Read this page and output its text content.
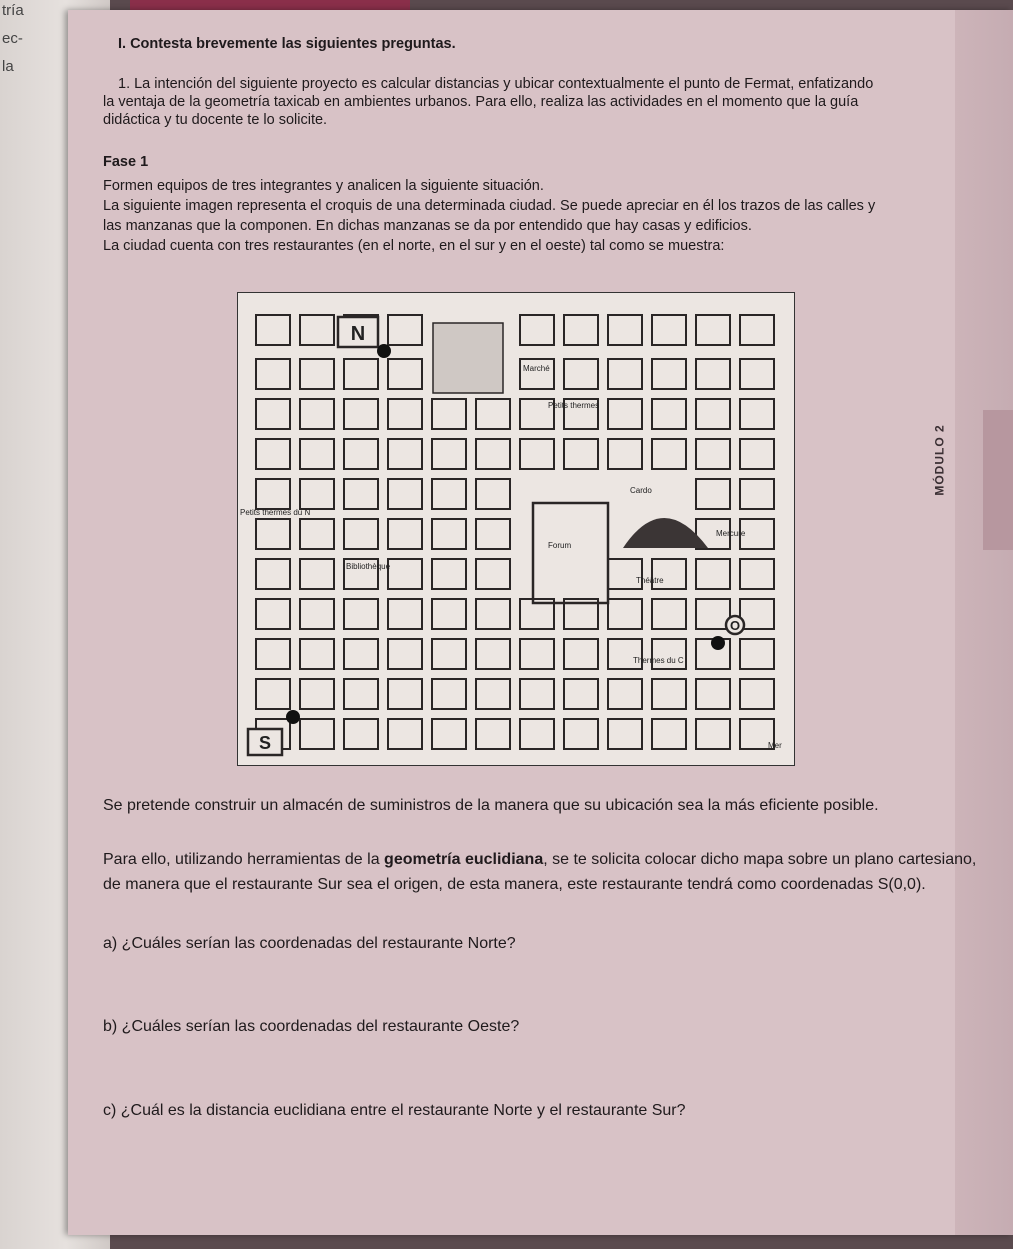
tría
ec-
la
MÓDULO 2
I. Contesta brevemente las siguientes preguntas.
1. La intención del siguiente proyecto es calcular distancias y ubicar contextualmente el punto de Fermat, enfatizando
la ventaja de la geometría taxicab en ambientes urbanos. Para ello, realiza las actividades en el momento que la guía
didáctica y tu docente te lo solicite.
Fase 1
Formen equipos de tres integrantes y analicen la siguiente situación.
La siguiente imagen representa el croquis de una determinada ciudad. Se puede apreciar en él los trazos de las calles y
las manzanas que la componen. En dichas manzanas se da por entendido que hay casas y edificios.
La ciudad cuenta con tres restaurantes (en el norte, en el sur y en el oeste) tal como se muestra:
N
S
O
Marché
Petits thermes
Petits thermes du N
Forum
Cardo
Bibliothèque
Théâtre
Mercure
Thermes du C
Mer
Se pretende construir un almacén de suministros de la manera que su ubicación sea la más eficiente posible.
Para ello, utilizando herramientas de la geometría euclidiana, se te solicita colocar dicho mapa sobre un plano cartesiano,
de manera que el restaurante Sur sea el origen, de esta manera, este restaurante tendrá como coordenadas S(0,0).
a) ¿Cuáles serían las coordenadas del restaurante Norte?
b) ¿Cuáles serían las coordenadas del restaurante Oeste?
c) ¿Cuál es la distancia euclidiana entre el restaurante Norte y el restaurante Sur?
